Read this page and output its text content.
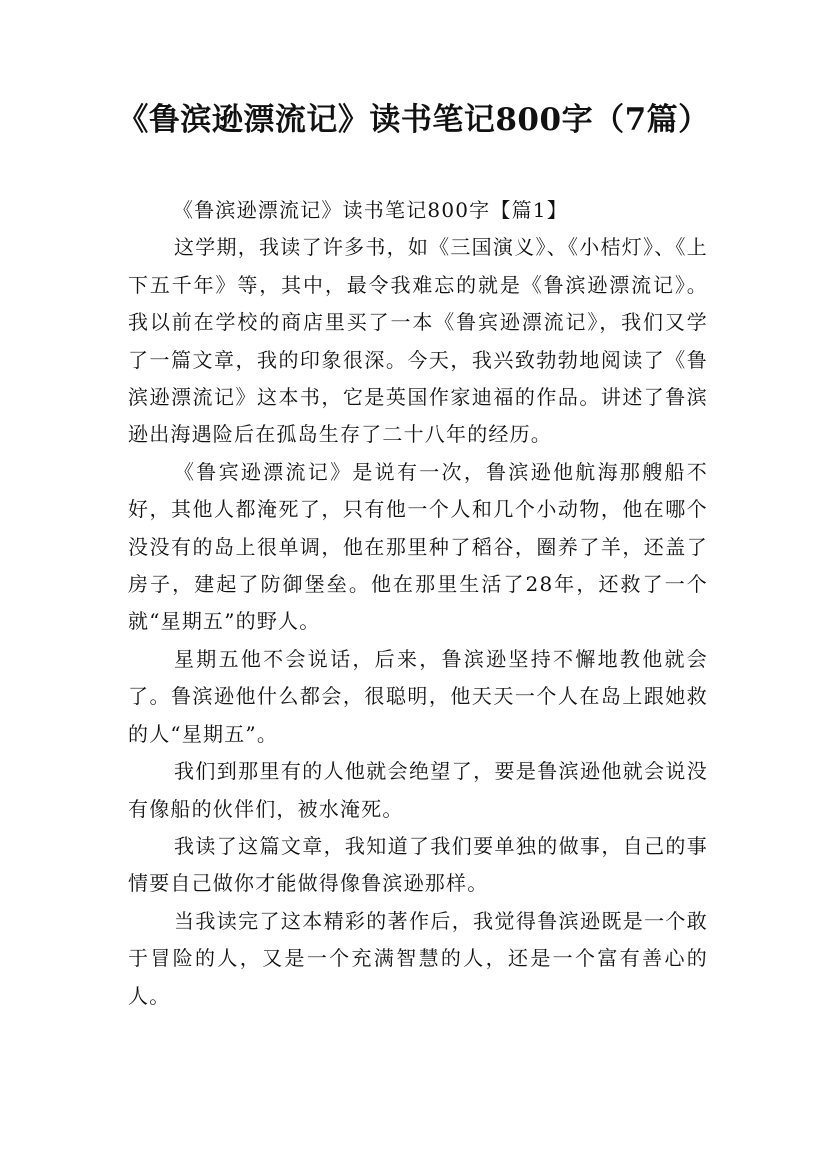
《鲁滨逊漂流记》读书笔记800字（7篇）
《鲁滨逊漂流记》读书笔记800字【篇1】

这学期，我读了许多书，如《三国演义》、《小桔灯》、《上下五千年》等，其中，最令我难忘的就是《鲁滨逊漂流记》。我以前在学校的商店里买了一本《鲁宾逊漂流记》，我们又学了一篇文章，我的印象很深。今天，我兴致勃勃地阅读了《鲁滨逊漂流记》这本书，它是英国作家迪福的作品。讲述了鲁滨逊出海遇险后在孤岛生存了二十八年的经历。

《鲁宾逊漂流记》是说有一次，鲁滨逊他航海那艘船不好，其他人都淹死了，只有他一个人和几个小动物，他在哪个没没有的岛上很单调，他在那里种了稻谷，圈养了羊，还盖了房子，建起了防御堡垒。他在那里生活了28年，还救了一个就“星期五”的野人。

星期五他不会说话，后来，鲁滨逊坚持不懈地教他就会了。鲁滨逊他什么都会，很聪明，他天天一个人在岛上跟她救的人“星期五”。

我们到那里有的人他就会绝望了，要是鲁滨逊他就会说没有像船的伙伴们，被水淹死。

我读了这篇文章，我知道了我们要单独的做事，自己的事情要自己做你才能做得像鲁滨逊那样。

当我读完了这本精彩的著作后，我觉得鲁滨逊既是一个敢于冒险的人，又是一个充满智慧的人，还是一个富有善心的人。
